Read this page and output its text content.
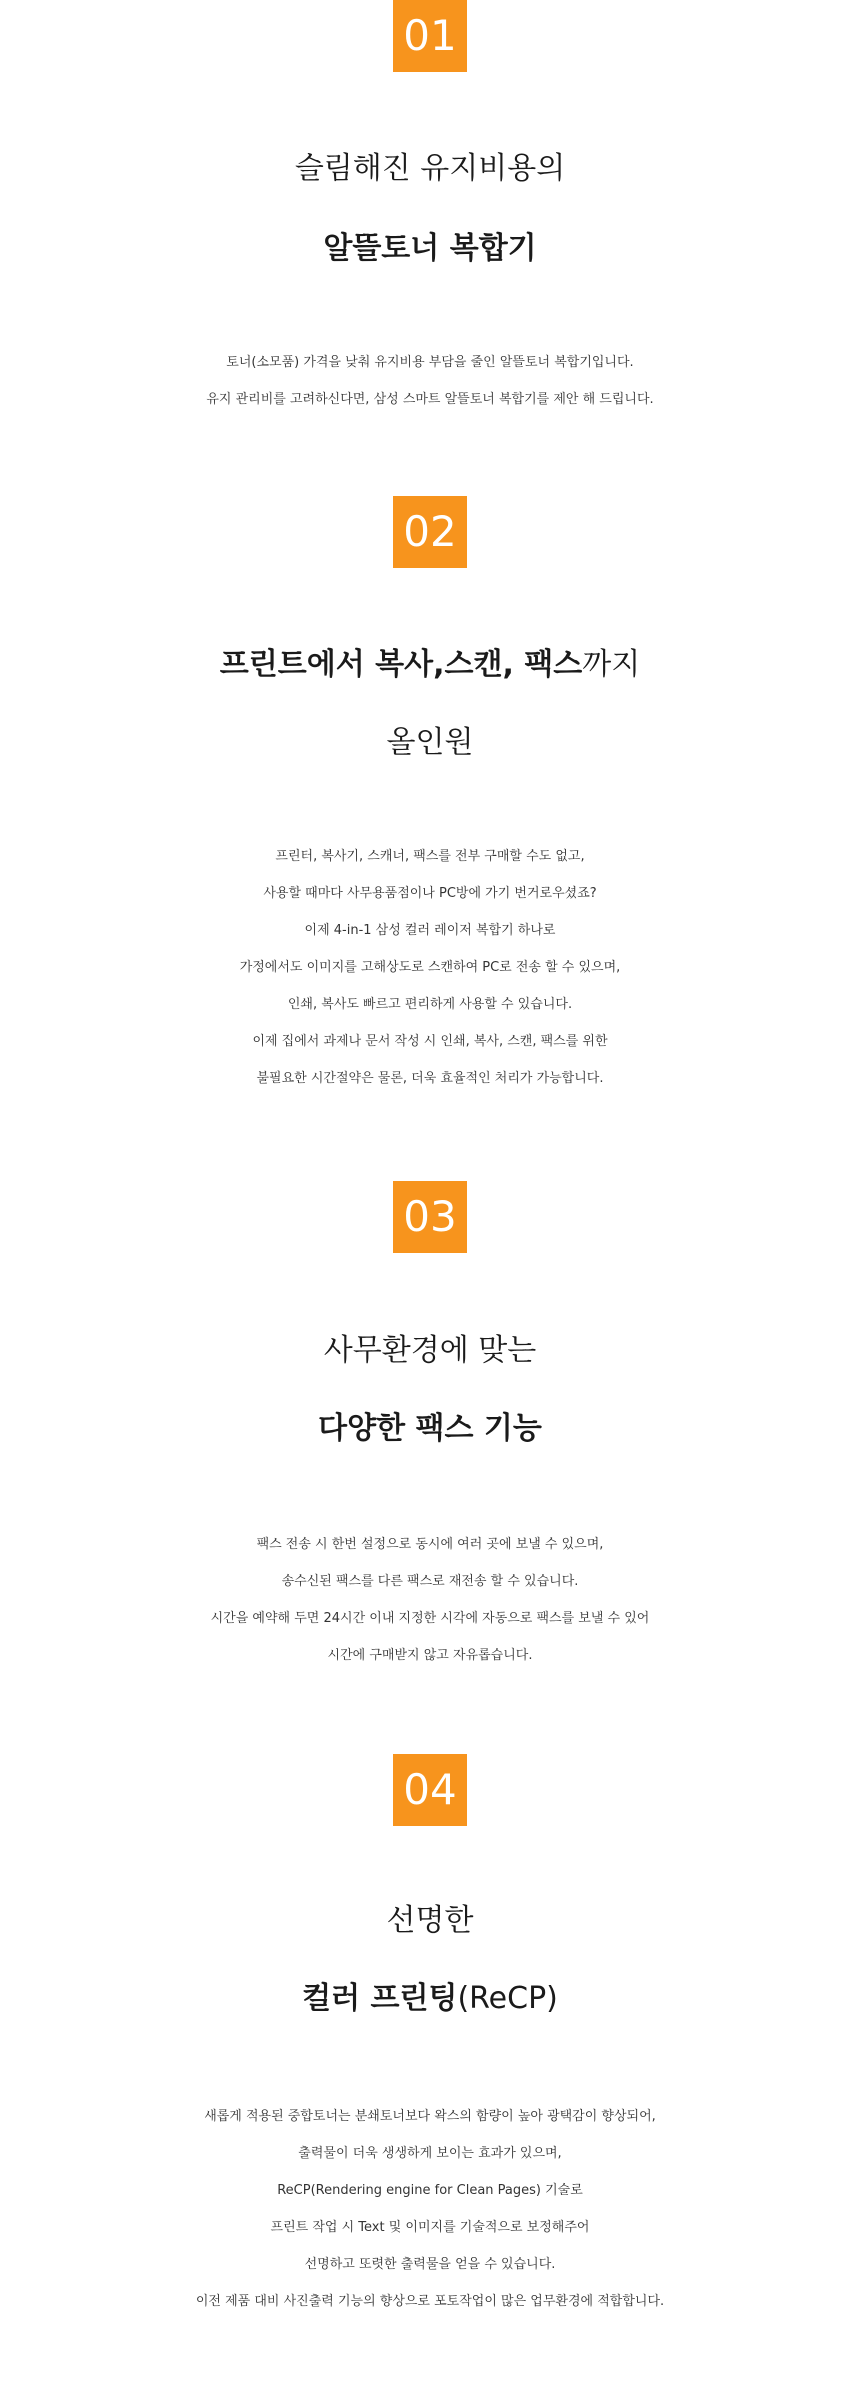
01
슬림해진 유지비용의
알뜰토너 복합기
토너(소모품) 가격을 낮춰 유지비용 부담을 줄인 알뜰토너 복합기입니다.
유지 관리비를 고려하신다면, 삼성 스마트 알뜰토너 복합기를 제안 해 드립니다.
02
프린트에서 복사,스캔, 팩스까지
올인원
프린터, 복사기, 스캐너, 팩스를 전부 구매할 수도 없고,
사용할 때마다 사무용품점이나 PC방에 가기 번거로우셨죠?
이제 4-in-1 삼성 컬러 레이저 복합기 하나로
가정에서도 이미지를 고해상도로 스캔하여 PC로 전송 할 수 있으며,
인쇄, 복사도 빠르고 편리하게 사용할 수 있습니다.
이제 집에서 과제나 문서 작성 시 인쇄, 복사, 스캔, 팩스를 위한
불필요한 시간절약은 물론, 더욱 효율적인 처리가 가능합니다.
03
사무환경에 맞는
다양한 팩스 기능
팩스 전송 시 한번 설정으로 동시에 여러 곳에 보낼 수 있으며,
송수신된 팩스를 다른 팩스로 재전송 할 수 있습니다.
시간을 예약해 두면 24시간 이내 지정한 시각에 자동으로 팩스를 보낼 수 있어
시간에 구매받지 않고 자유롭습니다.
04
선명한
컬러 프린팅(ReCP)
새롭게 적용된 중합토너는 분쇄토너보다 왁스의 함량이 높아 광택감이 향상되어,
출력물이 더욱 생생하게 보이는 효과가 있으며,
ReCP(Rendering engine for Clean Pages) 기술로
프린트 작업 시 Text 및 이미지를 기술적으로 보정해주어
선명하고 또렷한 출력물을 얻을 수 있습니다.
이전 제품 대비 사진출력 기능의 향상으로 포토작업이 많은 업무환경에 적합합니다.
